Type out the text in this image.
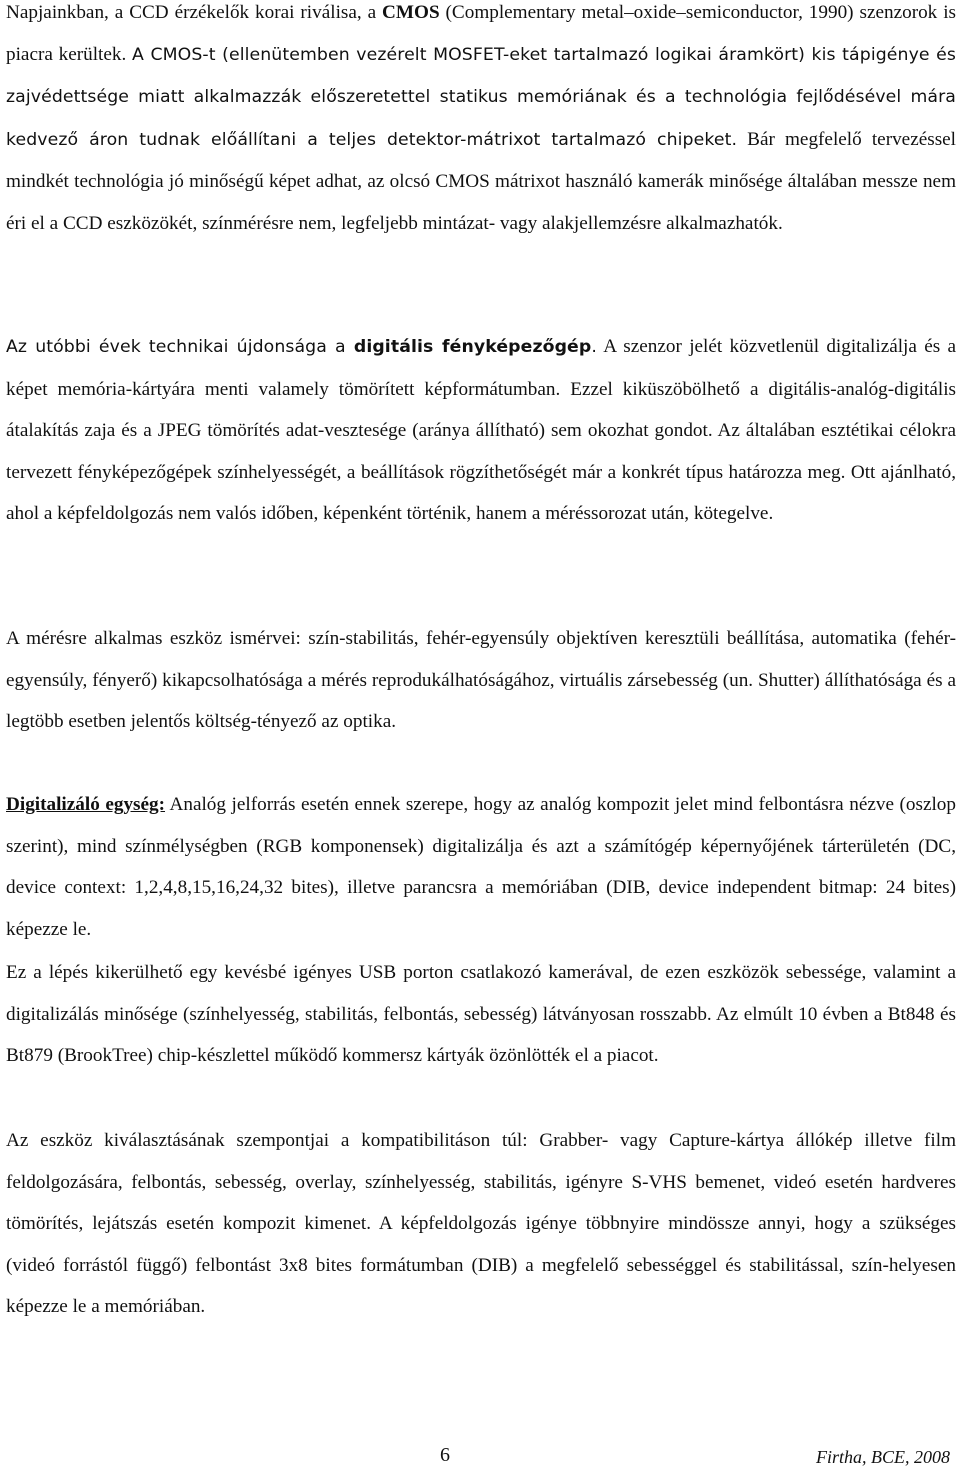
Napjainkban, a CCD érzékelők korai riválisa, a CMOS (Complementary metal–oxide–semiconductor, 1990) szenzorok is piacra kerültek. A CMOS-t (ellenütemben vezérelt MOSFET-eket tartalmazó logikai áramkört) kis tápigénye és zajvédettsége miatt alkalmazzák előszeretettel statikus memóriának és a technológia fejlődésével mára kedvező áron tudnak előállítani a teljes detektor-mátrixot tartalmazó chipeket. Bár megfelelő tervezéssel mindkét technológia jó minőségű képet adhat, az olcsó CMOS mátrixot használó kamerák minősége általában messze nem éri el a CCD eszközökét, színmérésre nem, legfeljebb mintázat- vagy alakjellemzésre alkalmazhatók.

Az utóbbi évek technikai újdonsága a digitális fényképezőgép. A szenzor jelét közvetlenül digitalizálja és a képet memória-kártyára menti valamely tömörített képformátumban. Ezzel kiküszöbölhető a digitális-analóg-digitális átalakítás zaja és a JPEG tömörítés adat-vesztesége (aránya állítható) sem okozhat gondot. Az általában esztétikai célokra tervezett fényképezőgépek színhelyességét, a beállítások rögzíthetőségét már a konkrét típus határozza meg. Ott ajánlható, ahol a képfeldolgozás nem valós időben, képenként történik, hanem a méréssorozat után, kötegelve.

A mérésre alkalmas eszköz ismérvei: szín-stabilitás, fehér-egyensúly objektíven keresztüli beállítása, automatika (fehér-egyensúly, fényerő) kikapcsolhatósága a mérés reprodukálhatóságához, virtuális zársebesség (un. Shutter) állíthatósága és a legtöbb esetben jelentős költség-tényező az optika.

Digitalizáló egység: Analóg jelforrás esetén ennek szerepe, hogy az analóg kompozit jelet mind felbontásra nézve (oszlop szerint), mind színmélységben (RGB komponensek) digitalizálja és azt a számítógép képernyőjének tárterületén (DC, device context: 1,2,4,8,15,16,24,32 bites), illetve parancsra a memóriában (DIB, device independent bitmap: 24 bites) képezze le.

Ez a lépés kikerülhető egy kevésbé igényes USB porton csatlakozó kamerával, de ezen eszközök sebessége, valamint a digitalizálás minősége (színhelyesség, stabilitás, felbontás, sebesség) látványosan rosszabb. Az elmúlt 10 évben a Bt848 és Bt879 (BrookTree) chip-készlettel működő kommersz kártyák özönlötték el a piacot.

Az eszköz kiválasztásának szempontjai a kompatibilitáson túl: Grabber- vagy Capture-kártya állókép illetve film feldolgozására, felbontás, sebesség, overlay, színhelyesség, stabilitás, igényre S-VHS bemenet, videó esetén hardveres tömörítés, lejátszás esetén kompozit kimenet. A képfeldolgozás igénye többnyire mindössze annyi, hogy a szükséges (videó forrástól függő) felbontást 3x8 bites formátumban (DIB) a megfelelő sebességgel és stabilitással, szín-helyesen képezze le a memóriában.

6	Firtha, BCE, 2008
